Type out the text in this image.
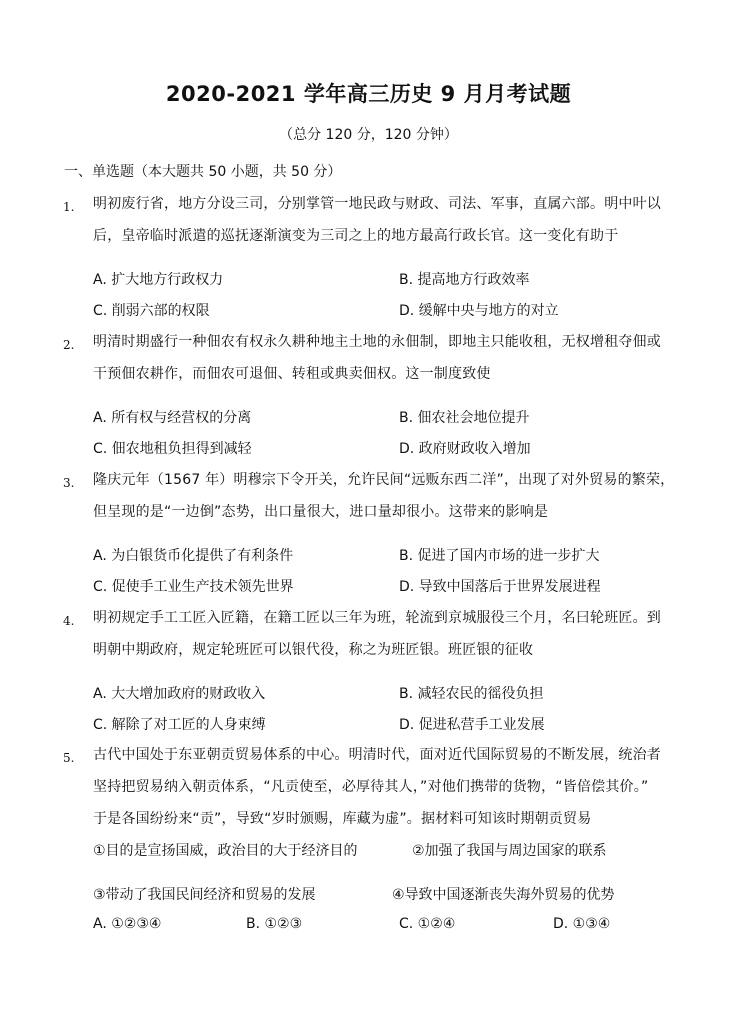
2020-2021 学年高三历史 9 月月考试题
（总分 120 分，120 分钟）
一、单选题（本大题共 50 小题，共 50 分）
1. 明初废行省，地方分设三司，分别掌管一地民政与财政、司法、军事，直属六部。明中叶以
后，皇帝临时派遣的巡抚逐渐演变为三司之上的地方最高行政长官。这一变化有助于
A. 扩大地方行政权力	B. 提高地方行政效率
C. 削弱六部的权限	D. 缓解中央与地方的对立
2. 明清时期盛行一种佃农有权永久耕种地主土地的永佃制，即地主只能收租，无权增租夺佃或
干预佃农耕作，而佃农可退佃、转租或典卖佃权。这一制度致使
A. 所有权与经营权的分离	B. 佃农社会地位提升
C. 佃农地租负担得到减轻	D. 政府财政收入增加
3. 隆庆元年（1567 年）明穆宗下令开关，允许民间“远贩东西二洋”，出现了对外贸易的繁荣，
但呈现的是“一边倒”态势，出口量很大，进口量却很小。这带来的影响是
A. 为白银货币化提供了有利条件	B. 促进了国内市场的进一步扩大
C. 促使手工业生产技术领先世界	D. 导致中国落后于世界发展进程
4. 明初规定手工工匠入匠籍，在籍工匠以三年为班，轮流到京城服役三个月，名曰轮班匠。到
明朝中期政府，规定轮班匠可以银代役，称之为班匠银。班匠银的征收
A. 大大增加政府的财政收入	B. 减轻农民的徭役负担
C. 解除了对工匠的人身束缚	D. 促进私营手工业发展
5. 古代中国处于东亚朝贡贸易体系的中心。明清时代，面对近代国际贸易的不断发展，统治者
坚持把贸易纳入朝贡体系，“凡贡使至，必厚待其人，”对他们携带的货物，“皆倍偿其价。”
于是各国纷纷来“贡”，导致“岁时颁赐，库藏为虚”。据材料可知该时期朝贡贸易
①目的是宣扬国威，政治目的大于经济目的	②加强了我国与周边国家的联系
③带动了我国民间经济和贸易的发展	④导致中国逐渐丧失海外贸易的优势
A. ①②③④	B. ①②③	C. ①②④	D. ①③④
